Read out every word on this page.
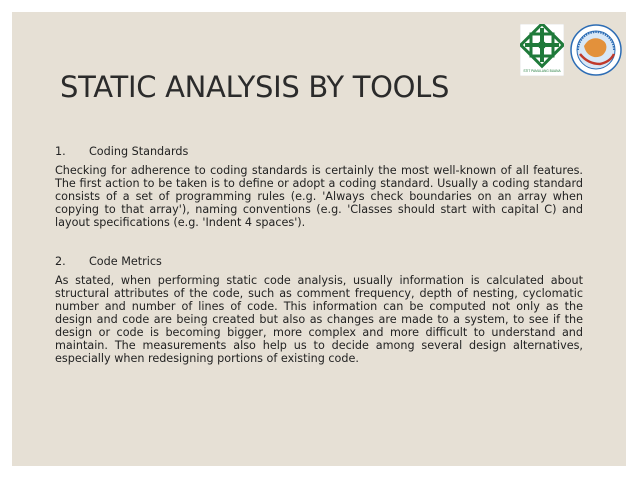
STIT PAMULANG BUANA
STATIC ANALYSIS BY TOOLS
1.	Coding Standards

Checking for adherence to coding standards is certainly the most well-known of all features. The first action to be taken is to define or adopt a coding standard. Usually a coding standard consists of a set of programming rules (e.g. 'Always check boundaries on an array when copying to that array'), naming conventions (e.g. 'Classes should start with capital C) and layout specifications (e.g. 'Indent 4 spaces').

2.	Code Metrics

As stated, when performing static code analysis, usually information is calculated about structural attributes of the code, such as comment frequency, depth of nesting, cyclomatic number and number of lines of code. This information can be computed not only as the design and code are being created but also as changes are made to a system, to see if the design or code is becoming bigger, more complex and more difficult to understand and maintain. The measurements also help us to decide among several design alternatives, especially when redesigning portions of existing code.
